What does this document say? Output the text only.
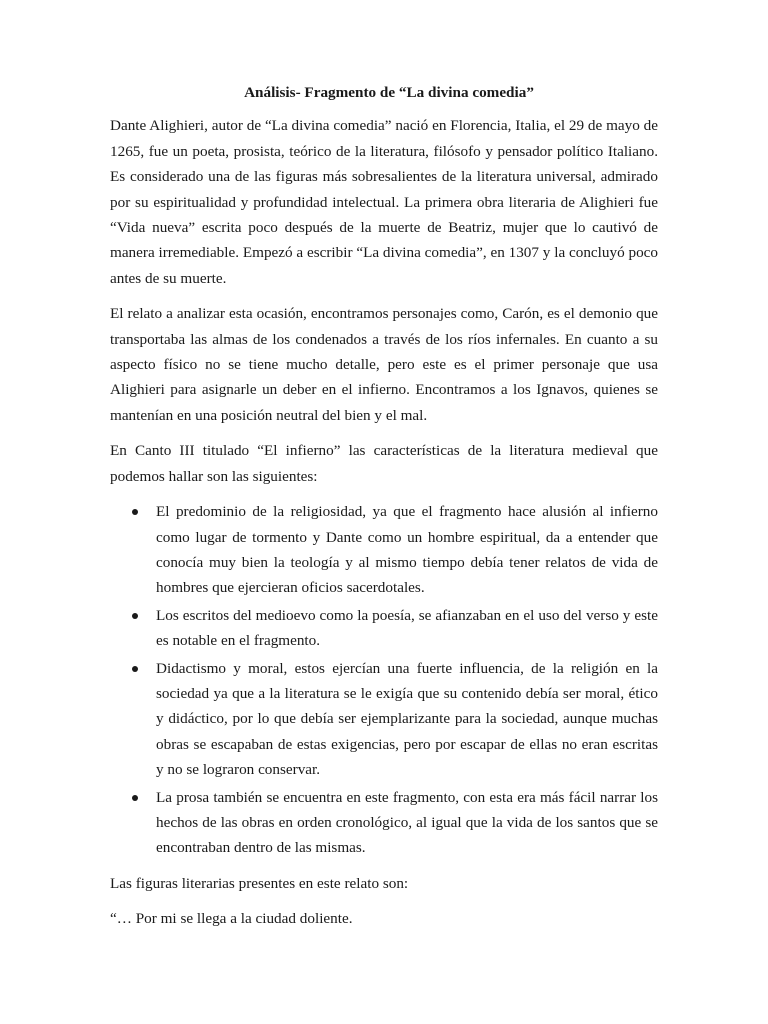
Análisis- Fragmento de “La divina comedia”

Dante Alighieri, autor de “La divina comedia” nació en Florencia, Italia, el 29 de mayo de 1265, fue un poeta, prosista, teórico de la literatura, filósofo y pensador político Italiano. Es considerado una de las figuras más sobresalientes de la literatura universal, admirado por su espiritualidad y profundidad intelectual. La primera obra literaria de Alighieri fue “Vida nueva” escrita poco después de la muerte de Beatriz, mujer que lo cautivó de manera irremediable. Empezó a escribir “La divina comedia”, en 1307 y la concluyó poco antes de su muerte.

El relato a analizar esta ocasión, encontramos personajes como, Carón, es el demonio que transportaba las almas de los condenados a través de los ríos infernales. En cuanto a su aspecto físico no se tiene mucho detalle, pero este es el primer personaje que usa Alighieri para asignarle un deber en el infierno. Encontramos a los Ignavos, quienes se mantenían en una posición neutral del bien y el mal.

En Canto III titulado “El infierno” las características de la literatura medieval que podemos hallar son las siguientes:

El predominio de la religiosidad, ya que el fragmento hace alusión al infierno como lugar de tormento y Dante como un hombre espiritual, da a entender que conocía muy bien la teología y al mismo tiempo debía tener relatos de vida de hombres que ejercieran oficios sacerdotales.
Los escritos del medioevo como la poesía, se afianzaban en el uso del verso y este es notable en el fragmento.
Didactismo y moral, estos ejercían una fuerte influencia, de la religión en la sociedad ya que a la literatura se le exigía que su contenido debía ser moral, ético y didáctico, por lo que debía ser ejemplarizante para la sociedad, aunque muchas obras se escapaban de estas exigencias, pero por escapar de ellas no eran escritas y no se lograron conservar.
La prosa también se encuentra en este fragmento, con esta era más fácil narrar los hechos de las obras en orden cronológico, al igual que la vida de los santos que se encontraban dentro de las mismas.

Las figuras literarias presentes en este relato son:

“… Por mi se llega a la ciudad doliente.
